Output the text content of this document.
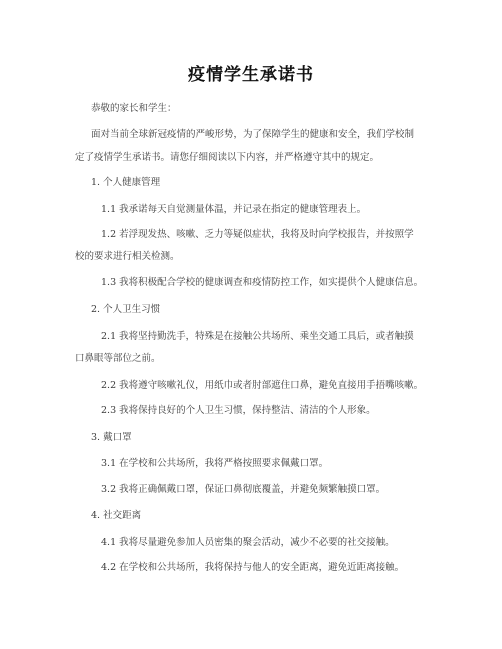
疫情学生承诺书
恭敬的家长和学生：
面对当前全球新冠疫情的严峻形势，为了保障学生的健康和安全，我们学校制
定了疫情学生承诺书。请您仔细阅读以下内容，并严格遵守其中的规定。
1. 个人健康管理
1.1 我承诺每天自觉测量体温，并记录在指定的健康管理表上。
1.2 若浮现发热、咳嗽、乏力等疑似症状，我将及时向学校报告，并按照学
校的要求进行相关检测。
1.3 我将积极配合学校的健康调查和疫情防控工作，如实提供个人健康信息。
2. 个人卫生习惯
2.1 我将坚持勤洗手，特殊是在接触公共场所、乘坐交通工具后，或者触摸
口鼻眼等部位之前。
2.2 我将遵守咳嗽礼仪，用纸巾或者肘部遮住口鼻，避免直接用手捂嘴咳嗽。
2.3 我将保持良好的个人卫生习惯，保持整洁、清洁的个人形象。
3. 戴口罩
3.1 在学校和公共场所，我将严格按照要求佩戴口罩。
3.2 我将正确佩戴口罩，保证口鼻彻底覆盖，并避免频繁触摸口罩。
4. 社交距离
4.1 我将尽量避免参加人员密集的聚会活动，减少不必要的社交接触。
4.2 在学校和公共场所，我将保持与他人的安全距离，避免近距离接触。
